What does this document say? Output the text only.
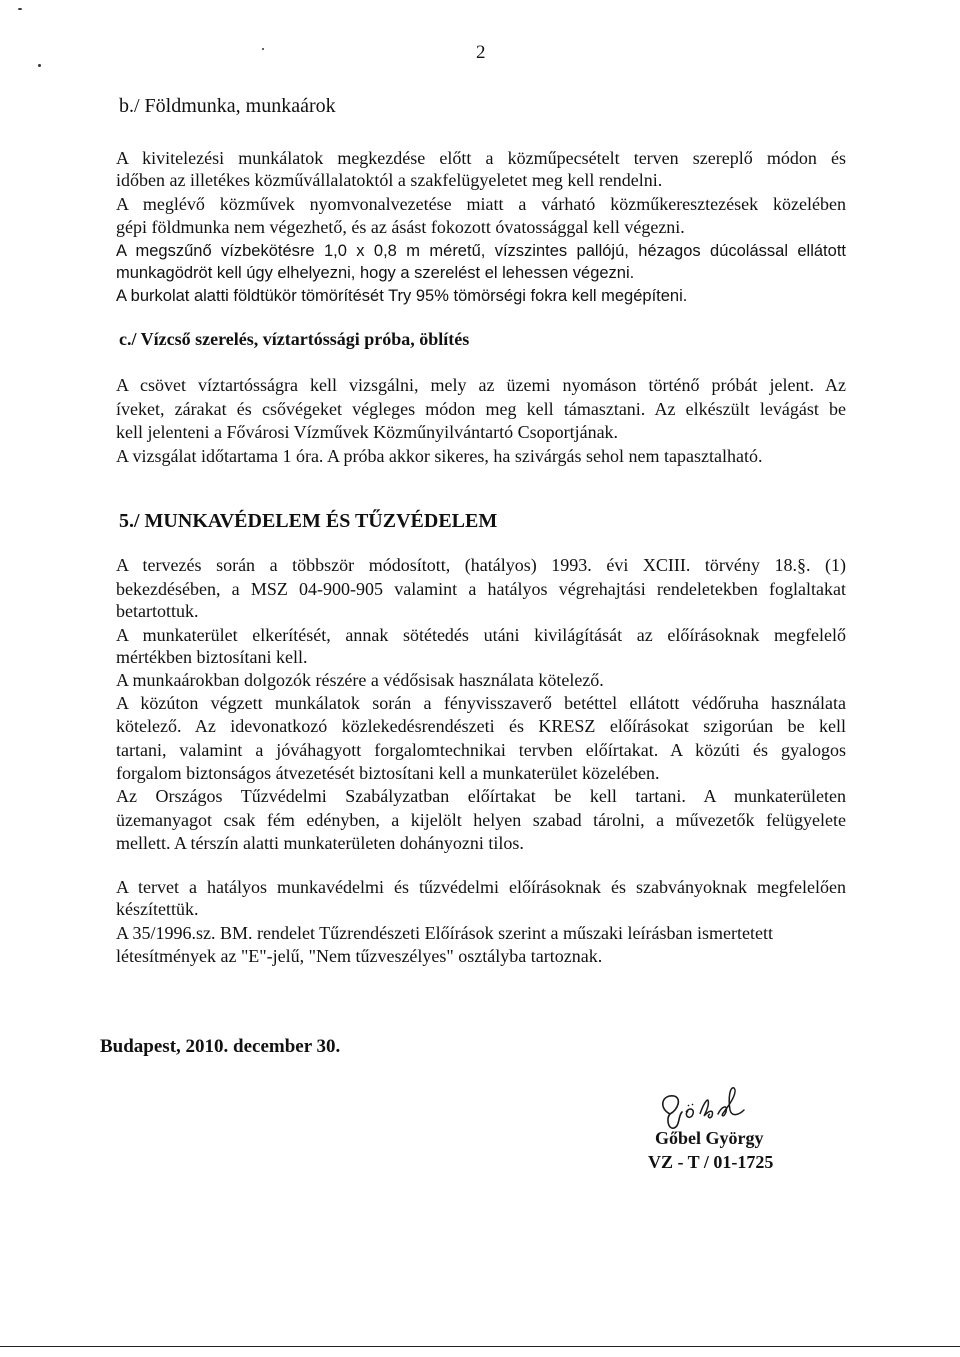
2
b./ Földmunka, munkaárok
A kivitelezési munkálatok megkezdése előtt a közműpecsételt terven szereplő módon és
időben az illetékes közművállalatoktól a szakfelügyeletet meg kell rendelni.
A meglévő közművek nyomvonalvezetése miatt a várható közműkeresztezések közelében
gépi földmunka nem végezhető, és az ásást fokozott óvatossággal kell végezni.
A megszűnő vízbekötésre 1,0 x 0,8 m méretű, vízszintes pallójú, hézagos dúcolással ellátott
munkagödröt kell úgy elhelyezni, hogy a szerelést el lehessen végezni.
A burkolat alatti földtükör tömörítését Try 95% tömörségi fokra kell megépíteni.
c./ Vízcső szerelés, víztartóssági próba, öblítés
A csövet víztartósságra kell vizsgálni, mely az üzemi nyomáson történő próbát jelent. Az
íveket, zárakat és csővégeket végleges módon meg kell támasztani. Az elkészült levágást be
kell jelenteni a Fővárosi Vízművek Közműnyilvántartó Csoportjának.
A vizsgálat időtartama 1 óra. A próba akkor sikeres, ha szivárgás sehol nem tapasztalható.
5./ MUNKAVÉDELEM ÉS TŰZVÉDELEM
A tervezés során a többször módosított, (hatályos) 1993. évi XCIII. törvény 18.§. (1)
bekezdésében, a MSZ 04-900-905 valamint a hatályos végrehajtási rendeletekben foglaltakat
betartottuk.
A munkaterület elkerítését, annak sötétedés utáni kivilágítását az előírásoknak megfelelő
mértékben biztosítani kell.
A munkaárokban dolgozók részére a védősisak használata kötelező.
A közúton végzett munkálatok során a fényvisszaverő betéttel ellátott védőruha használata
kötelező. Az idevonatkozó közlekedésrendészeti és KRESZ előírásokat szigorúan be kell
tartani, valamint a jóváhagyott forgalomtechnikai tervben előírtakat. A közúti és gyalogos
forgalom biztonságos átvezetését biztosítani kell a munkaterület közelében.
Az Országos Tűzvédelmi Szabályzatban előírtakat be kell tartani. A munkaterületen
üzemanyagot csak fém edényben, a kijelölt helyen szabad tárolni, a művezetők felügyelete
mellett. A térszín alatti munkaterületen dohányozni tilos.
A tervet a hatályos munkavédelmi és tűzvédelmi előírásoknak és szabványoknak megfelelően
készítettük.
A 35/1996.sz. BM. rendelet Tűzrendészeti Előírások szerint a műszaki leírásban ismertetett
létesítmények az "E"-jelű, "Nem tűzveszélyes" osztályba tartoznak.
Budapest, 2010. december 30.
Gőbel György
VZ - T / 01-1725
